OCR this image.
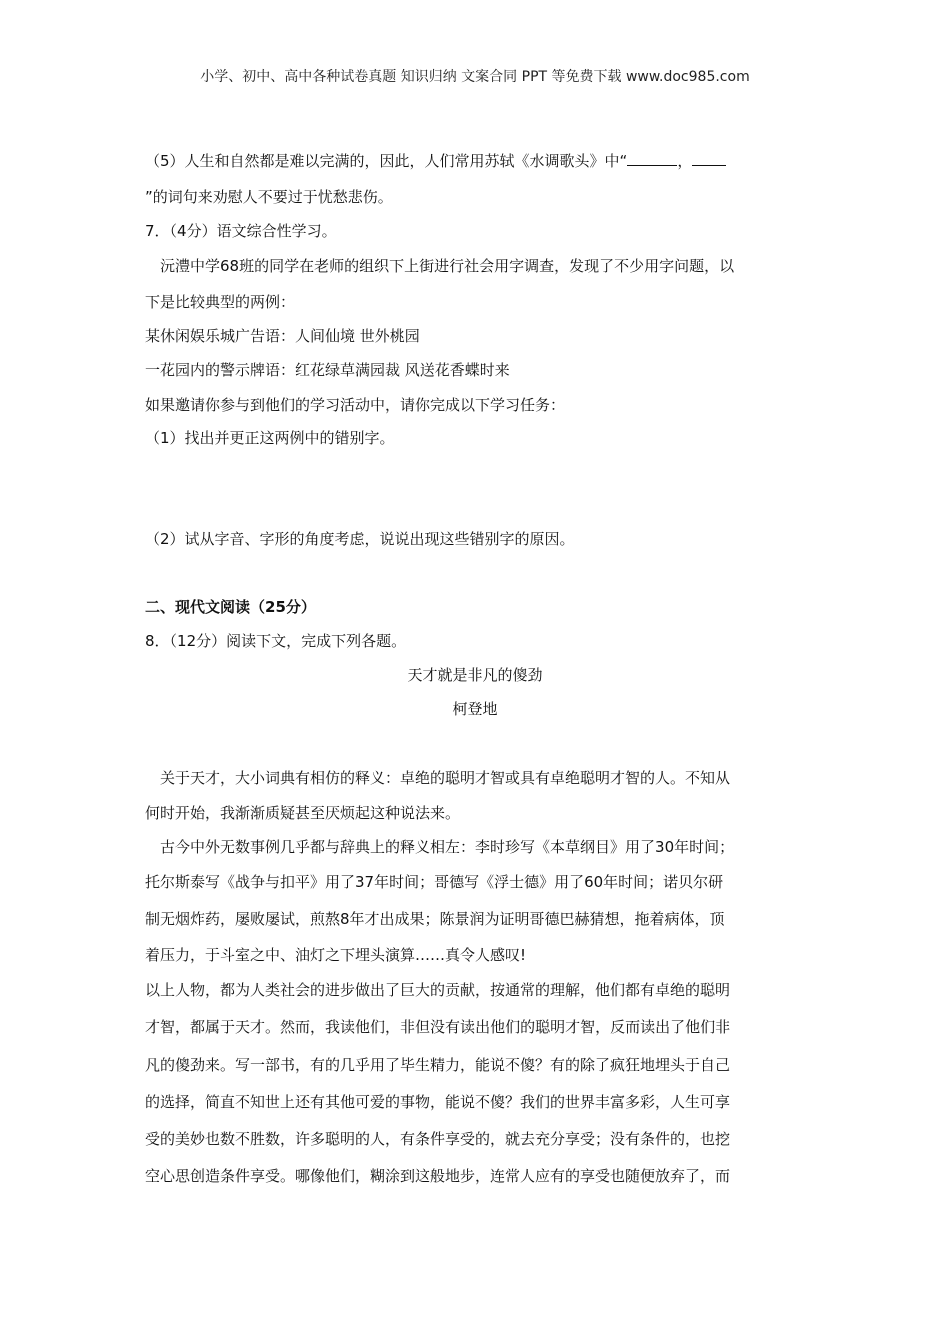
小学、初中、高中各种试卷真题 知识归纳 文案合同 PPT 等免费下载 www.doc985.com
（5）人生和自然都是难以完满的，因此，人们常用苏轼《水调歌头》中“	，
”的词句来劝慰人不要过于忧愁悲伤。
7．（4分）语文综合性学习。
沅澧中学68班的同学在老师的组织下上街进行社会用字调查，发现了不少用字问题，以
下是比较典型的两例：
某休闲娱乐城广告语：人间仙境 世外桃园
一花园内的警示牌语：红花绿草满园裁 风送花香蝶时来
如果邀请你参与到他们的学习活动中，请你完成以下学习任务：
（1）找出并更正这两例中的错别字。
（2）试从字音、字形的角度考虑，说说出现这些错别字的原因。
二、现代文阅读（25分）
8．（12分）阅读下文，完成下列各题。
天才就是非凡的傻劲
柯登地
关于天才，大小词典有相仿的释义：卓绝的聪明才智或具有卓绝聪明才智的人。不知从
何时开始，我渐渐质疑甚至厌烦起这种说法来。
古今中外无数事例几乎都与辞典上的释义相左：李时珍写《本草纲目》用了30年时间；
托尔斯泰写《战争与扣平》用了37年时间；哥德写《浮士德》用了60年时间；诺贝尔研
制无烟炸药，屡败屡试，煎熬8年才出成果；陈景润为证明哥德巴赫猜想，拖着病体，顶
着压力，于斗室之中、油灯之下埋头演算……真令人感叹!
以上人物，都为人类社会的进步做出了巨大的贡献，按通常的理解，他们都有卓绝的聪明
才智，都属于天才。然而，我读他们，非但没有读出他们的聪明才智，反而读出了他们非
凡的傻劲来。写一部书，有的几乎用了毕生精力，能说不傻？有的除了疯狂地埋头于自己
的选择，简直不知世上还有其他可爱的事物，能说不傻？我们的世界丰富多彩，人生可享
受的美妙也数不胜数，许多聪明的人，有条件享受的，就去充分享受；没有条件的，也挖
空心思创造条件享受。哪像他们，糊涂到这般地步，连常人应有的享受也随便放弃了，而
